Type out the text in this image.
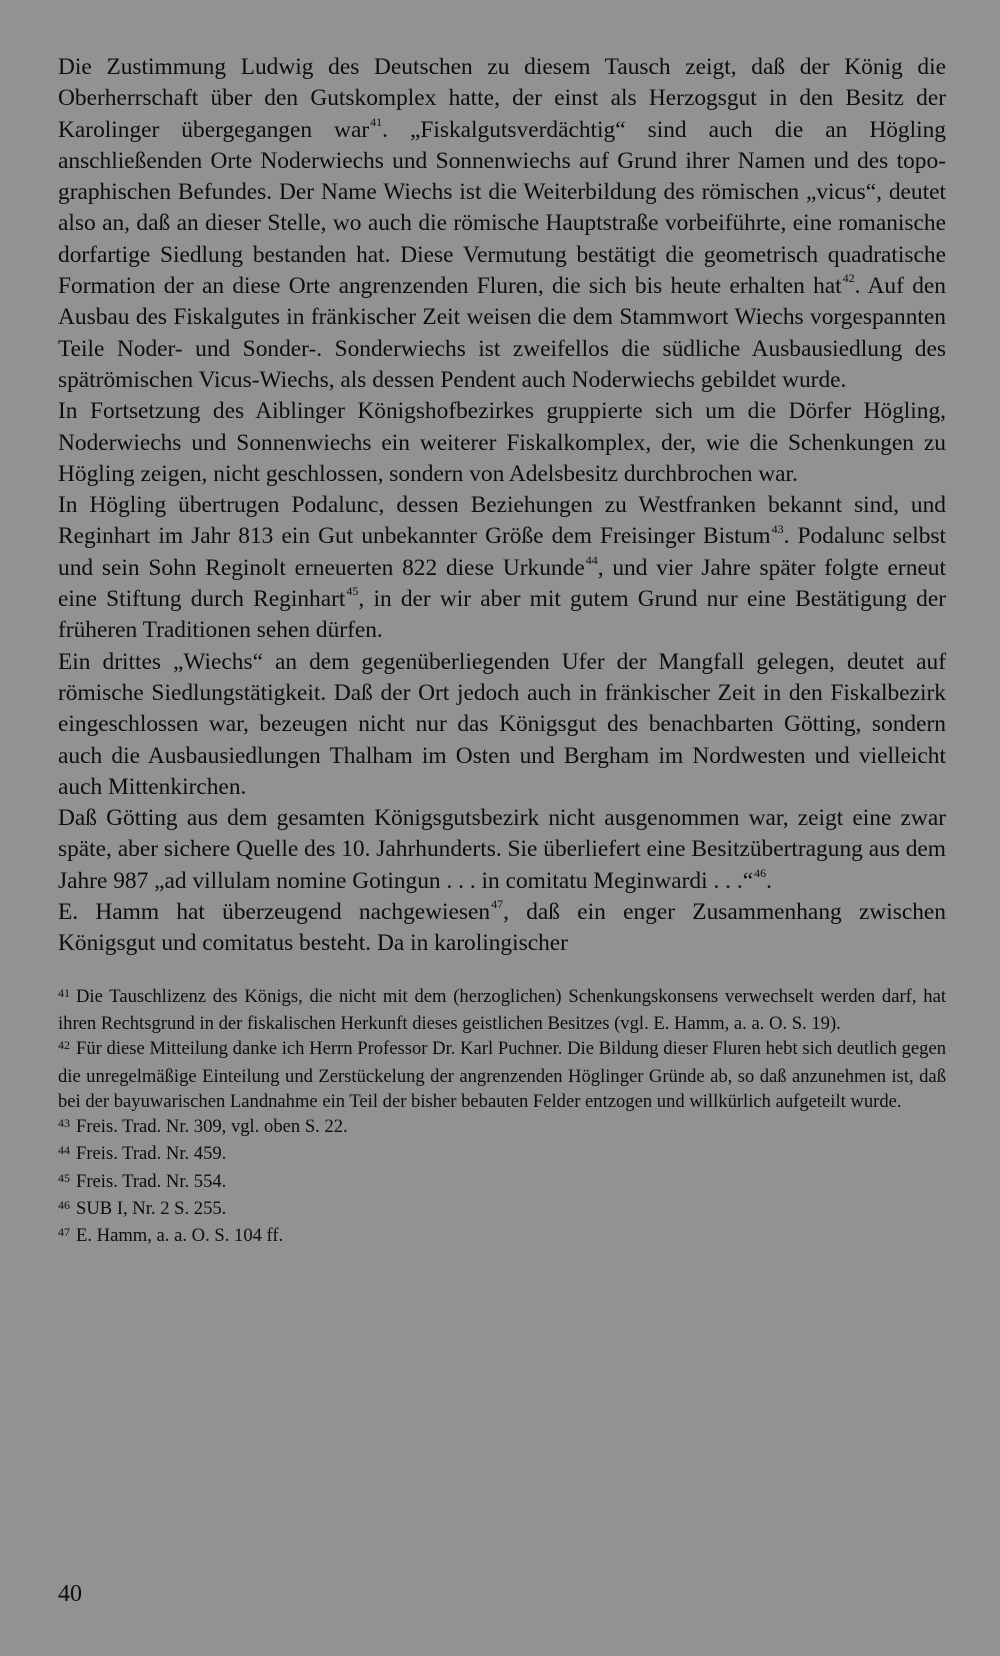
Die Zustimmung Ludwig des Deutschen zu diesem Tausch zeigt, daß der König die Oberherrschaft über den Gutskomplex hatte, der einst als Herzogsgut in den Besitz der Karolinger übergegangen war$^{41}$. „Fiskalgutsverdächtig“ sind auch die an Högling anschließenden Orte Noderwiechs und Sonnenwiechs auf Grund ihrer Namen und des topographischen Befundes. Der Name Wiechs ist die Weiterbildung des römischen „vicus“, deutet also an, daß an dieser Stelle, wo auch die römische Hauptstraße vorbeiführte, eine romanische dorfartige Siedlung bestanden hat. Diese Vermutung bestätigt die geometrisch quadratische Formation der an diese Orte angrenzenden Fluren, die sich bis heute erhalten hat$^{42}$. Auf den Ausbau des Fiskalgutes in fränkischer Zeit weisen die dem Stammwort Wiechs vorgespannten Teile Noder- und Sonder-. Sonderwiechs ist zweifellos die südliche Ausbausiedlung des spätrömischen Vicus-Wiechs, als dessen Pendent auch Noderwiechs gebildet wurde.

In Fortsetzung des Aiblinger Königshofbezirkes gruppierte sich um die Dörfer Högling, Noderwiechs und Sonnenwiechs ein weiterer Fiskalkomplex, der, wie die Schenkungen zu Högling zeigen, nicht geschlossen, sondern von Adelsbesitz durchbrochen war.

In Högling übertrugen Podalunc, dessen Beziehungen zu Westfranken bekannt sind, und Reginhart im Jahr 813 ein Gut unbekannter Größe dem Freisinger Bistum$^{43}$. Podalunc selbst und sein Sohn Reginolt erneuerten 822 diese Urkunde$^{44}$, und vier Jahre später folgte erneut eine Stiftung durch Reginhart$^{45}$, in der wir aber mit gutem Grund nur eine Bestätigung der früheren Traditionen sehen dürfen.

Ein drittes „Wiechs“ an dem gegenüberliegenden Ufer der Mangfall gelegen, deutet auf römische Siedlungstätigkeit. Daß der Ort jedoch auch in fränkischer Zeit in den Fiskalbezirk eingeschlossen war, bezeugen nicht nur das Königsgut des benachbarten Götting, sondern auch die Ausbausiedlungen Thalham im Osten und Bergham im Nordwesten und vielleicht auch Mittenkirchen.

Daß Götting aus dem gesamten Königsgutsbezirk nicht ausgenommen war, zeigt eine zwar späte, aber sichere Quelle des 10. Jahrhunderts. Sie überliefert eine Besitzübertragung aus dem Jahre 987 „ad villulam nomine Gotingun . . . in comitatu Meginwardi . . .“$^{46}$.

E. Hamm hat überzeugend nachgewiesen$^{47}$, daß ein enger Zusammenhang zwischen Königsgut und comitatus besteht. Da in karolingischer

$^{41}$ Die Tauschlizenz des Königs, die nicht mit dem (herzoglichen) Schenkungskonsens verwechselt werden darf, hat ihren Rechtsgrund in der fiskalischen Herkunft dieses geistlichen Besitzes (vgl. E. Hamm, a. a. O. S. 19).

$^{42}$ Für diese Mitteilung danke ich Herrn Professor Dr. Karl Puchner. Die Bildung dieser Fluren hebt sich deutlich gegen die unregelmäßige Einteilung und Zerstückelung der angrenzenden Höglinger Gründe ab, so daß anzunehmen ist, daß bei der bayuwarischen Landnahme ein Teil der bisher bebauten Felder entzogen und willkürlich aufgeteilt wurde.

$^{43}$ Freis. Trad. Nr. 309, vgl. oben S. 22.

$^{44}$ Freis. Trad. Nr. 459.

$^{45}$ Freis. Trad. Nr. 554.

$^{46}$ SUB I, Nr. 2 S. 255.

$^{47}$ E. Hamm, a. a. O. S. 104 ff.

40
